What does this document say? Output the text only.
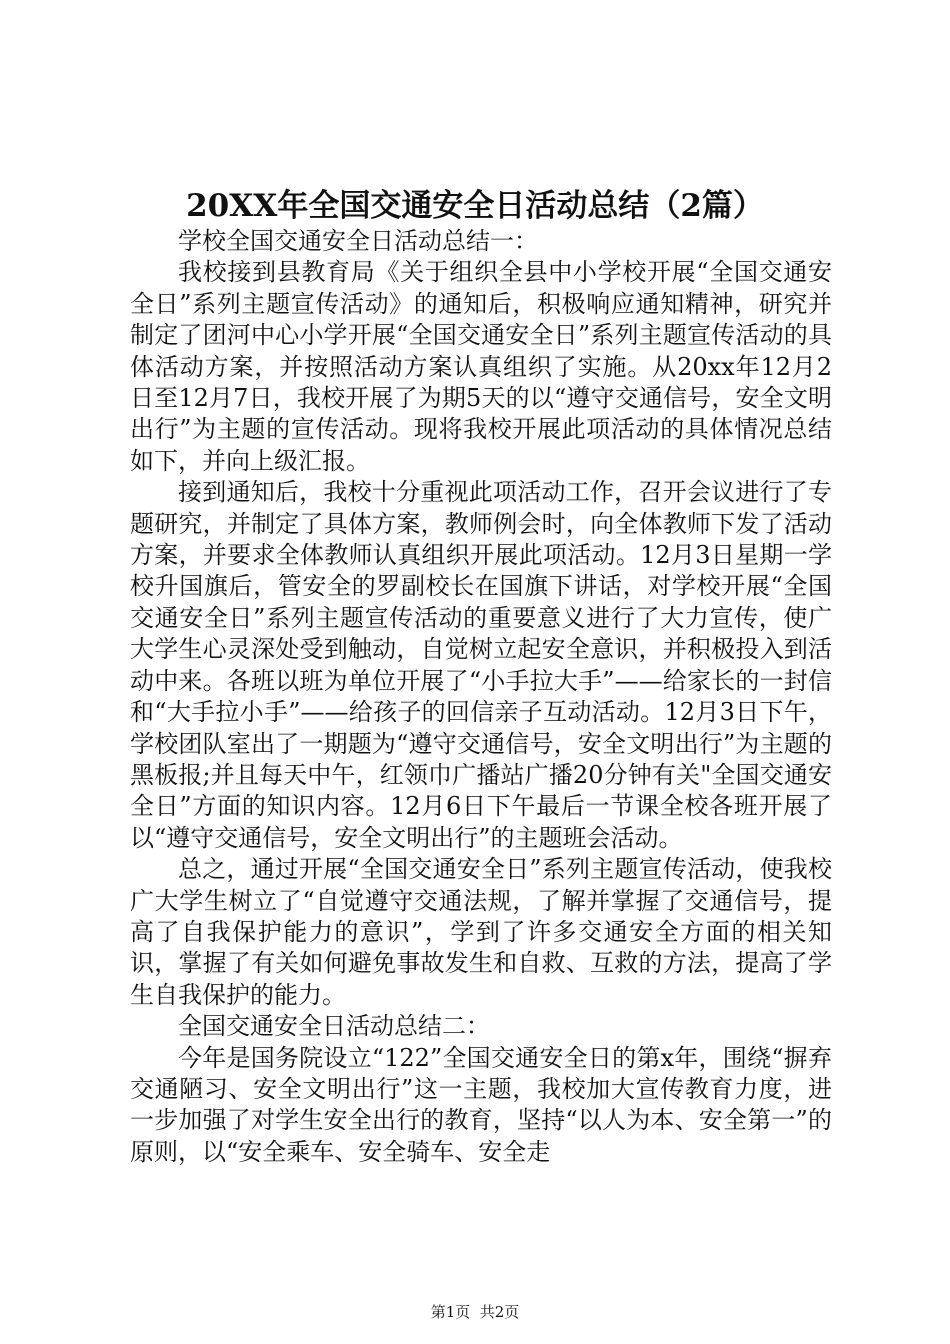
20XX年全国交通安全日活动总结（2篇）

学校全国交通安全日活动总结一：

我校接到县教育局《关于组织全县中小学校开展“全国交通安全日”系列主题宣传活动》的通知后，积极响应通知精神，研究并制定了团河中心小学开展“全国交通安全日”系列主题宣传活动的具体活动方案，并按照活动方案认真组织了实施。从20xx年12月2日至12月7日，我校开展了为期5天的以“遵守交通信号，安全文明出行”为主题的宣传活动。现将我校开展此项活动的具体情况总结如下，并向上级汇报。

接到通知后，我校十分重视此项活动工作，召开会议进行了专题研究，并制定了具体方案，教师例会时，向全体教师下发了活动方案，并要求全体教师认真组织开展此项活动。12月3日星期一学校升国旗后，管安全的罗副校长在国旗下讲话，对学校开展“全国交通安全日”系列主题宣传活动的重要意义进行了大力宣传，使广大学生心灵深处受到触动，自觉树立起安全意识，并积极投入到活动中来。各班以班为单位开展了“小手拉大手”——给家长的一封信和“大手拉小手”——给孩子的回信亲子互动活动。12月3日下午，学校团队室出了一期题为“遵守交通信号，安全文明出行”为主题的黑板报;并且每天中午，红领巾广播站广播20分钟有关"全国交通安全日”方面的知识内容。12月6日下午最后一节课全校各班开展了以“遵守交通信号，安全文明出行”的主题班会活动。

总之，通过开展“全国交通安全日”系列主题宣传活动，使我校广大学生树立了“自觉遵守交通法规，了解并掌握了交通信号，提高了自我保护能力的意识”，学到了许多交通安全方面的相关知识，掌握了有关如何避免事故发生和自救、互救的方法，提高了学生自我保护的能力。

全国交通安全日活动总结二：

今年是国务院设立“122”全国交通安全日的第x年，围绕“摒弃交通陋习、安全文明出行”这一主题，我校加大宣传教育力度，进一步加强了对学生安全出行的教育，坚持“以人为本、安全第一”的原则，以“安全乘车、安全骑车、安全走

第1页  共2页
